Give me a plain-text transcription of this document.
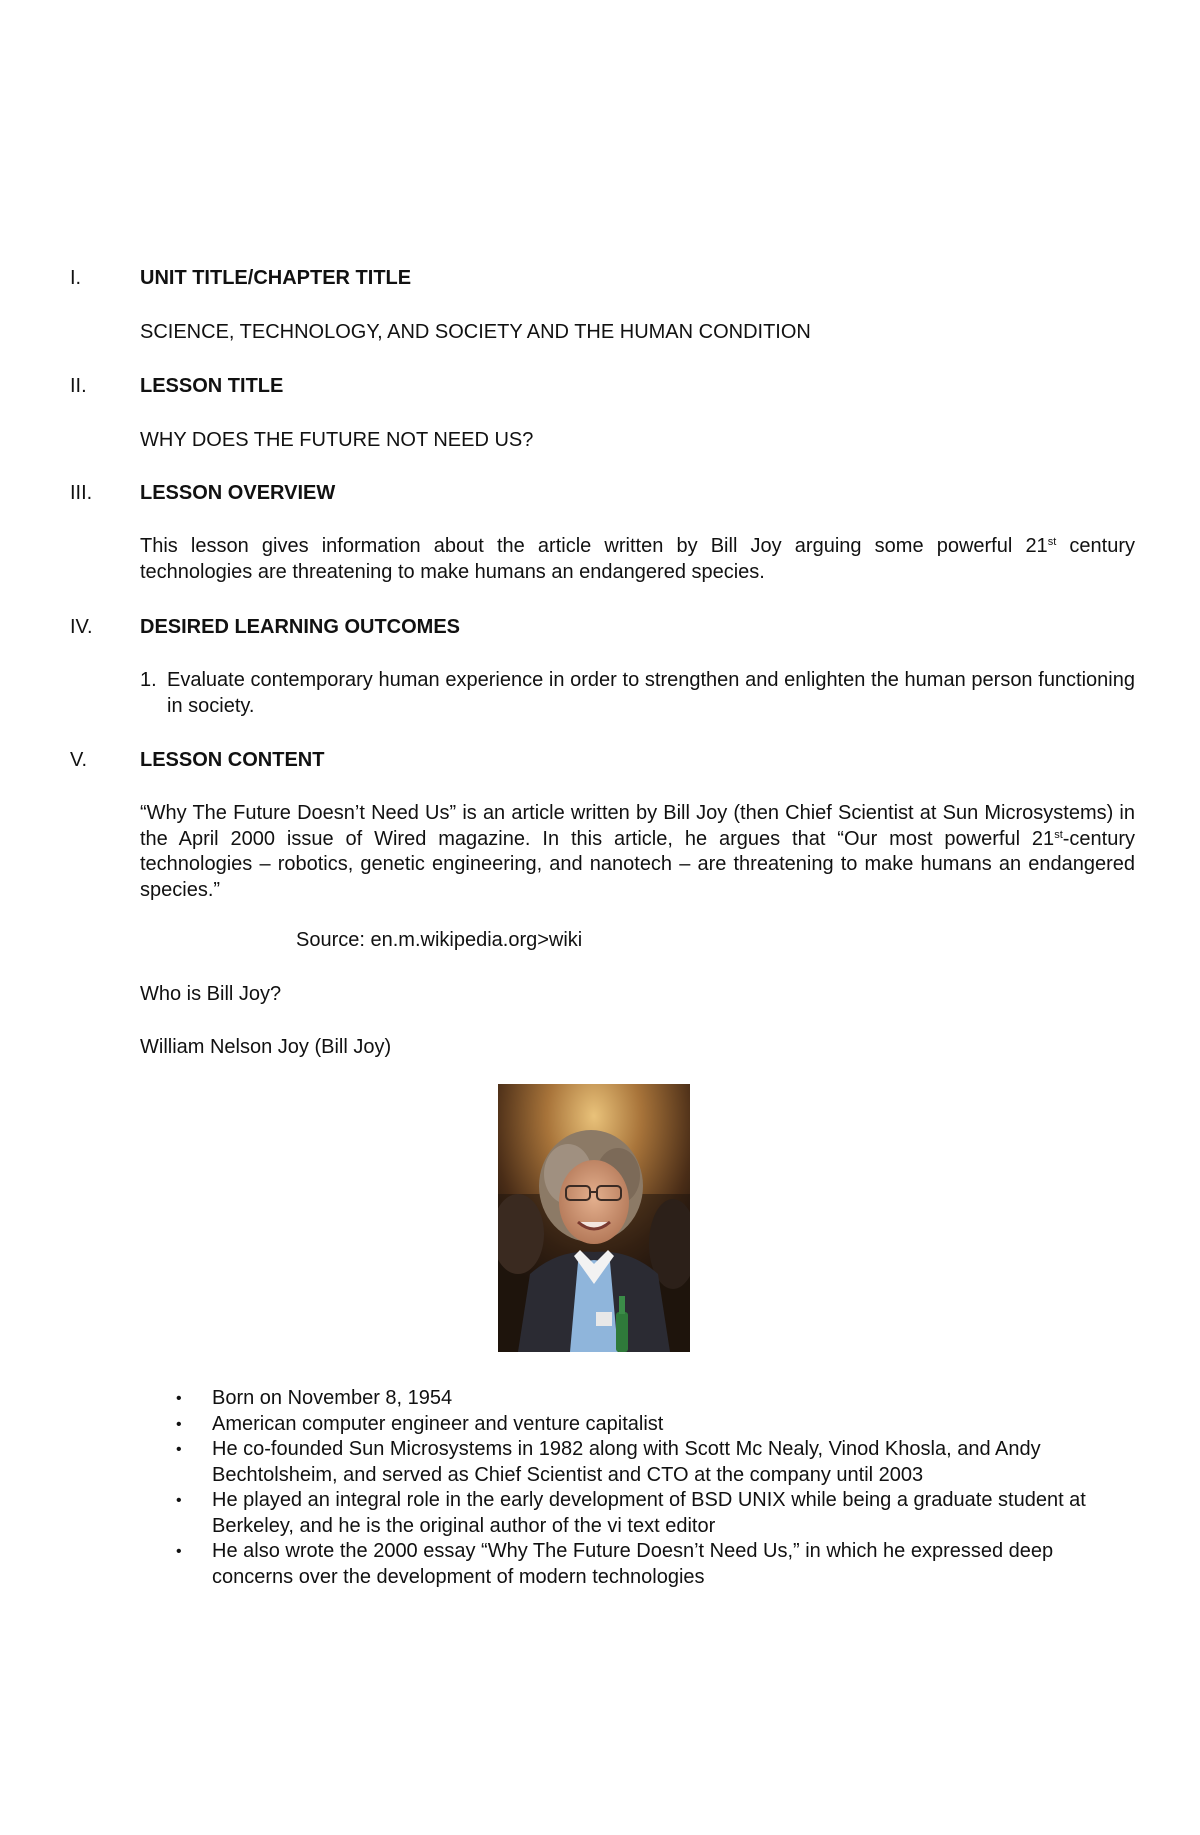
I.	UNIT TITLE/CHAPTER TITLE
SCIENCE, TECHNOLOGY, AND SOCIETY AND THE HUMAN CONDITION
II.	LESSON TITLE
WHY DOES THE FUTURE NOT NEED US?
III. LESSON OVERVIEW
This lesson gives information about the article written by Bill Joy arguing some powerful 21st century technologies are threatening to make humans an endangered species.
IV. DESIRED LEARNING OUTCOMES
1. Evaluate contemporary human experience in order to strengthen and enlighten the human person functioning in society.
V.	LESSON CONTENT
“Why The Future Doesn’t Need Us” is an article written by Bill Joy (then Chief Scientist at Sun Microsystems) in the April 2000 issue of Wired magazine. In this article, he argues that “Our most powerful 21st-century technologies – robotics, genetic engineering, and nanotech – are threatening to make humans an endangered species.”
Source: en.m.wikipedia.org>wiki
Who is Bill Joy?
William Nelson Joy (Bill Joy)
•	Born on November 8, 1954
•	American computer engineer and venture capitalist
•	He co-founded Sun Microsystems in 1982 along with Scott Mc Nealy, Vinod Khosla, and Andy Bechtolsheim, and served as Chief Scientist and CTO at the company until 2003
•	He played an integral role in the early development of BSD UNIX while being a graduate student at Berkeley, and he is the original author of the vi text editor
•	He also wrote the 2000 essay “Why The Future Doesn’t Need Us,” in which he expressed deep concerns over the development of modern technologies
